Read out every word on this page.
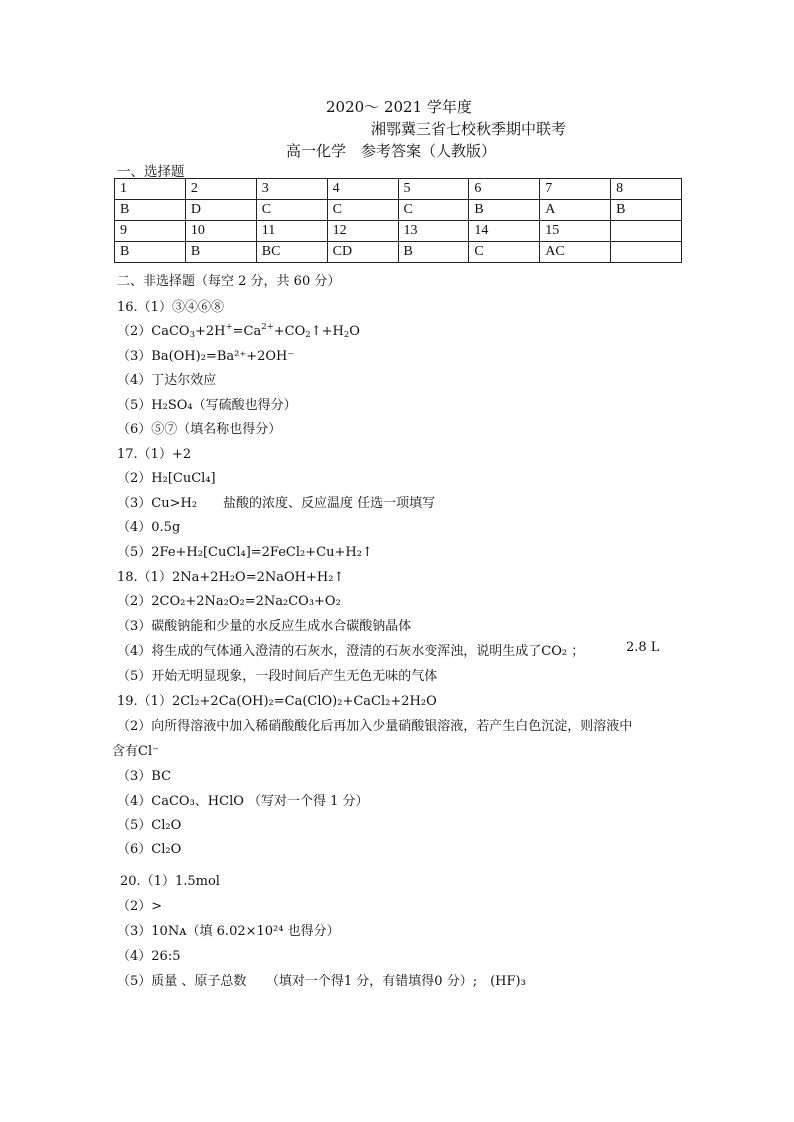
2020～ 2021 学年度
湘鄂冀三省七校秋季期中联考
高一化学　参考答案（人教版）
一、选择题
1	2	3	4	5	6	7	8
B	D	C	C	C	B	A	B
9	10	11	12	13	14	15	
B	B	BC	CD	B	C	AC	
二、非选择题（每空 2 分，共 60 分）
16.（1）③④⑥⑧
$(2)CaCO_3+2H^+=Ca^{2+}+CO_2↑+H_2O$
（3）Ba(OH)₂=Ba²⁺+2OH⁻
（4）丁达尔效应
（5）H₂SO₄（写硫酸也得分）
（6）⑤⑦（填名称也得分）
17.（1）+2
（2）H₂[CuCl₄]
（3）Cu>H₂　　盐酸的浓度、反应温度 任选一项填写
（4）0.5g
（5）2Fe+H₂[CuCl₄]=2FeCl₂+Cu+H₂↑
18.（1）2Na+2H₂O=2NaOH+H₂↑
（2）2CO₂+2Na₂O₂=2Na₂CO₃+O₂
（3）碳酸钠能和少量的水反应生成水合碳酸钠晶体
（4）将生成的气体通入澄清的石灰水，澄清的石灰水变浑浊，说明生成了CO₂ ；	2.8 L
（5）开始无明显现象，一段时间后产生无色无味的气体
19.（1）2Cl₂+2Ca(OH)₂=Ca(ClO)₂+CaCl₂+2H₂O
（2）向所得溶液中加入稀硝酸酸化后再加入少量硝酸银溶液，若产生白色沉淀，则溶液中
含有Cl⁻
（3）BC
（4）CaCO₃、HClO （写对一个得 1 分）
（5）Cl₂O
（6）Cl₂O
20.（1）1.5mol
（2）>
（3）10Nᴀ（填 6.02×10²⁴ 也得分）
（4）26:5
（5）质量 、原子总数　　（填对一个得1 分，有错填得0 分）;　(HF)₃
